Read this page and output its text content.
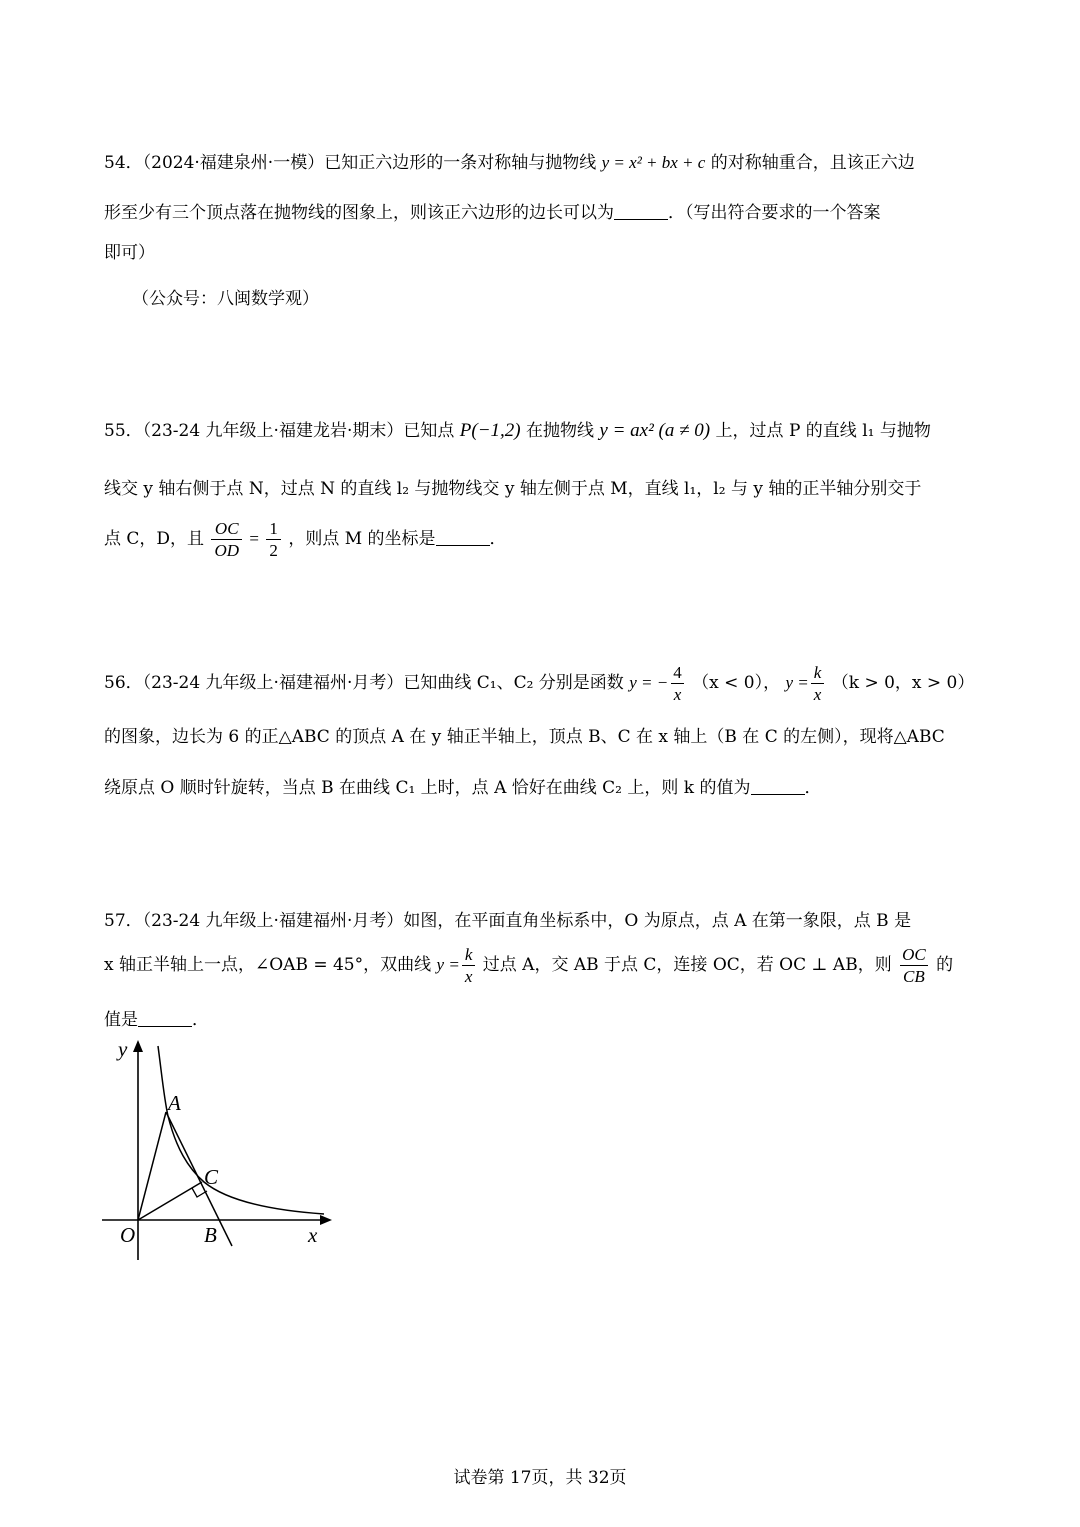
54．（2024·福建泉州·一模）已知正六边形的一条对称轴与抛物线 y = x² + bx + c 的对称轴重合，且该正六边
形至少有三个顶点落在抛物线的图象上，则该正六边形的边长可以为	．（写出符合要求的一个答案
即可）
（公众号：八闽数学观）
55．（23-24 九年级上·福建龙岩·期末）已知点 P(−1,2) 在抛物线 y = ax² (a ≠ 0) 上，过点 P 的直线 l₁ 与抛物
线交 y 轴右侧于点 N，过点 N 的直线 l₂ 与抛物线交 y 轴左侧于点 M，直线 l₁，l₂ 与 y 轴的正半轴分别交于
点 C，D，且 $\frac{OC}{OD} = \frac{1}{2}$ ，则点 M 的坐标是	．
56．（23-24 九年级上·福建福州·月考）已知曲线 C₁、C₂ 分别是函数 y = − $\frac{4}{x} (x < 0)$， $y = \frac{k}{x} (k > 0$，x > 0）
的图象，边长为 6 的正△ABC 的顶点 A 在 y 轴正半轴上，顶点 B、C 在 x 轴上（B 在 C 的左侧），现将△ABC
绕原点 O 顺时针旋转，当点 B 在曲线 C₁ 上时，点 A 恰好在曲线 C₂ 上，则 k 的值为	．
57．（23-24 九年级上·福建福州·月考）如图，在平面直角坐标系中，O 为原点，点 A 在第一象限，点 B 是
x 轴正半轴上一点，∠OAB = 45°，双曲线 $y = \frac{k}{x}$ 过点 A，交 AB 于点 C，连接 OC，若 OC ⊥ AB，则 $\frac{OC}{CB}$ 的
值是	．
y
A
C
O	B	x
试卷第 17页，共 32页
